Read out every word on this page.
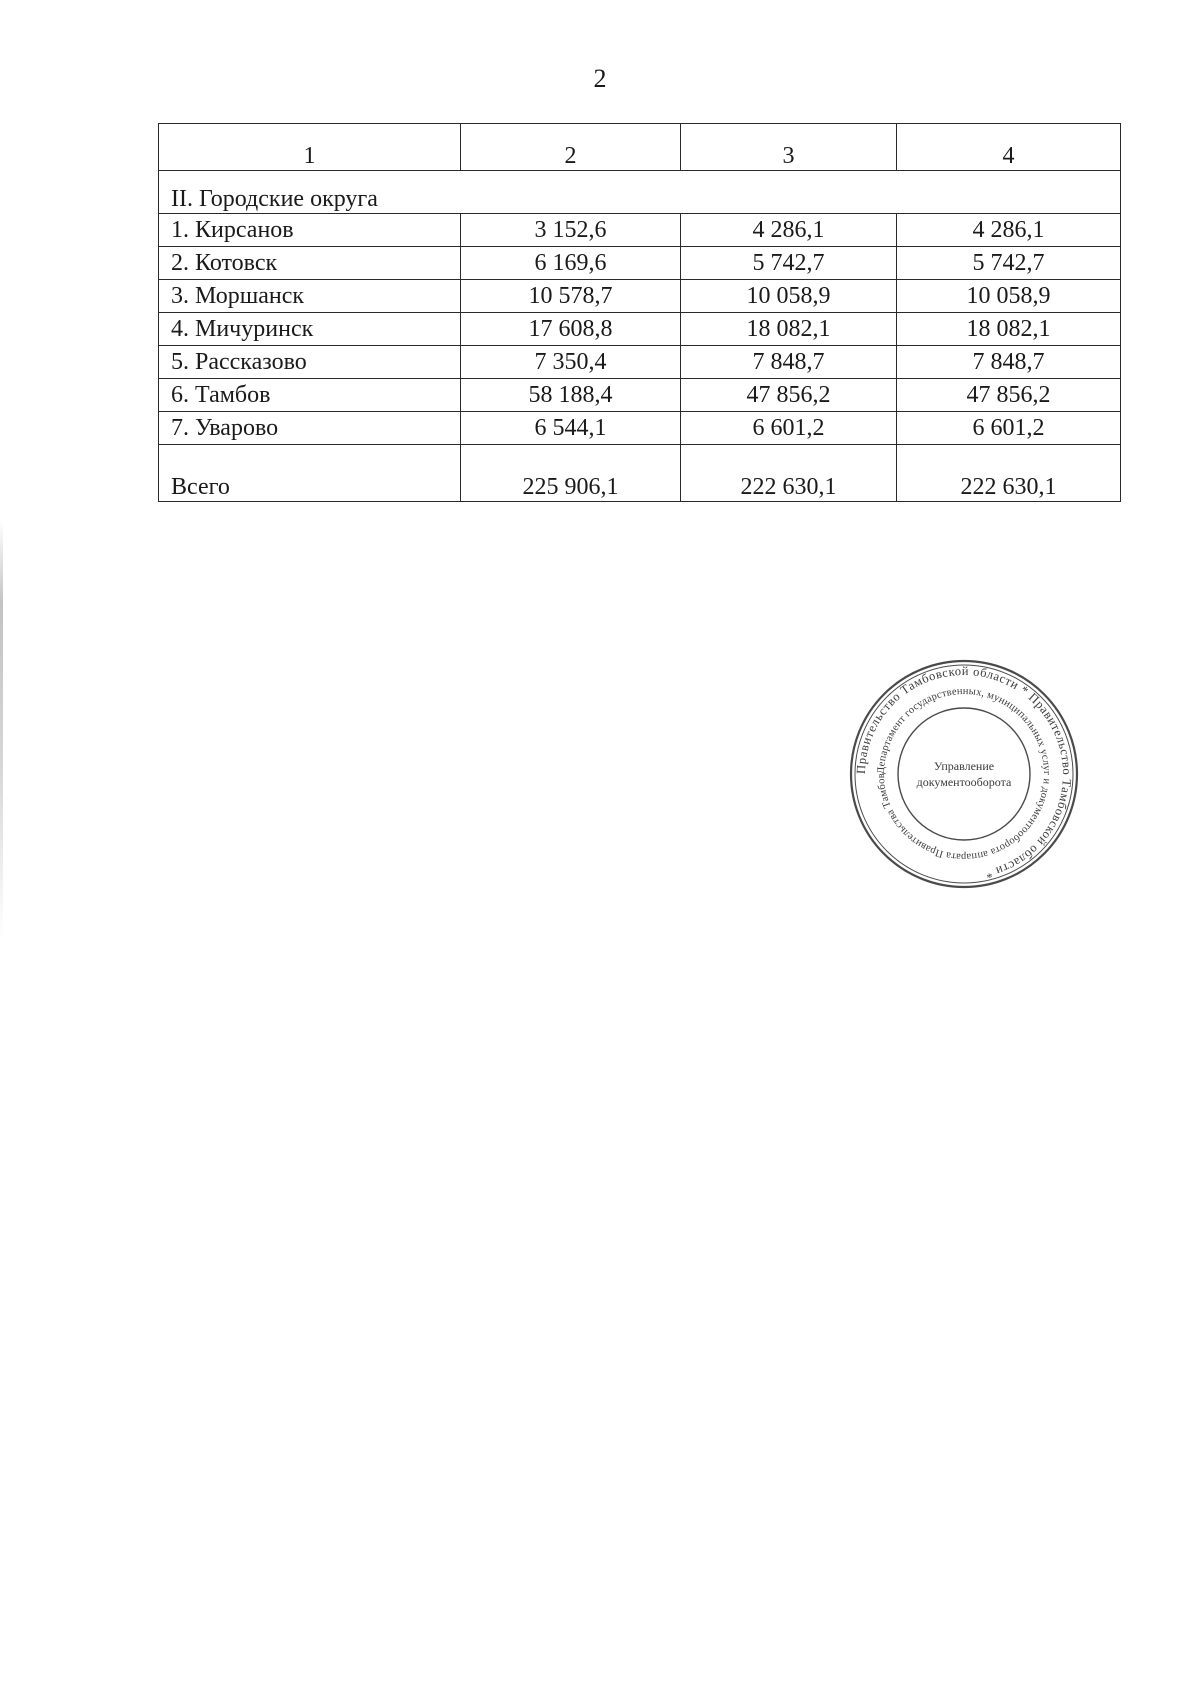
2
1	2	3	4
II. Городские округа			
1. Кирсанов	3 152,6	4 286,1	4 286,1
2. Котовск	6 169,6	5 742,7	5 742,7
3. Моршанск	10 578,7	10 058,9	10 058,9
4. Мичуринск	17 608,8	18 082,1	18 082,1
5. Рассказово	7 350,4	7 848,7	7 848,7
6. Тамбов	58 188,4	47 856,2	47 856,2
7. Уварово	6 544,1	6 601,2	6 601,2
Всего	225 906,1	222 630,1	222 630,1
Правительство Тамбовской области * Правительство Тамбовской области *
Департамент государственных, муниципальных услуг и документооборота аппарата Правительства Тамбов
Управление
документооборота
